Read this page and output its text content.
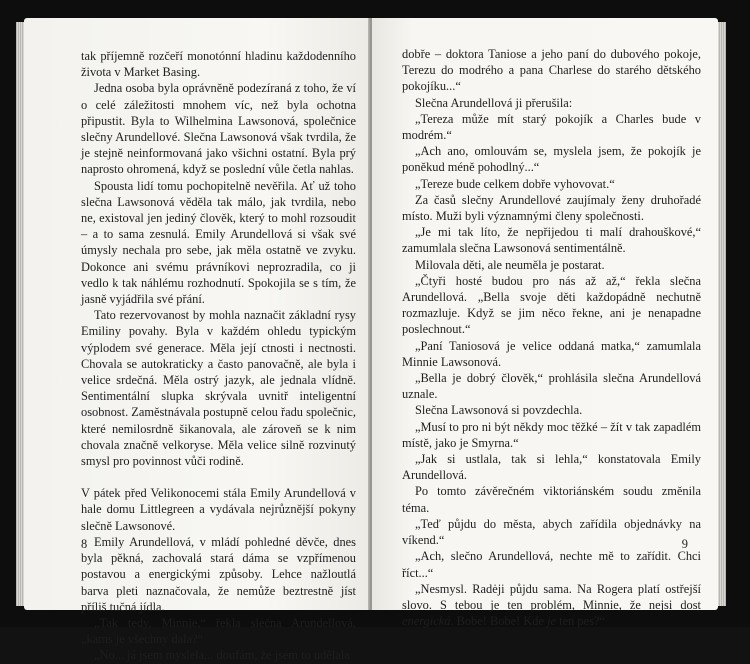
tak příjemně rozčeří monotónní hladinu každodenního života v Market Basing.

Jedna osoba byla oprávněně podezíraná z toho, že ví o celé záležitosti mnohem víc, než byla ochotna připustit. Byla to Wilhelmina Lawsonová, společnice slečny Arundellové. Slečna Lawsonová však tvrdila, že je stejně neinformovaná jako všichni ostatní. Byla prý naprosto ohromená, když se poslední vůle četla nahlas.

Spousta lidí tomu pochopitelně nevěřila. Ať už toho slečna Lawsonová věděla tak málo, jak tvrdila, nebo ne, existoval jen jediný člověk, který to mohl rozsoudit – a to sama zesnulá. Emily Arundellová si však své úmysly nechala pro sebe, jak měla ostatně ve zvyku. Dokonce ani svému právníkovi neprozradila, co ji vedlo k tak náhlému rozhodnutí. Spokojila se s tím, že jasně vyjádřila své přání.

Tato rezervovanost by mohla naznačit základní rysy Emiliny povahy. Byla v každém ohledu typickým výplodem své generace. Měla její ctnosti i nectnosti. Chovala se autokraticky a často panovačně, ale byla i velice srdečná. Měla ostrý jazyk, ale jednala vlídně. Sentimentální slupka skrývala uvnitř inteligentní osobnost. Zaměstnávala postupně celou řadu společnic, které nemilosrdně šikanovala, ale zároveň se k nim chovala značně velkoryse. Měla velice silně rozvinutý smysl pro povinnost vůči rodině.

V pátek před Velikonocemi stála Emily Arundellová v hale domu Littlegreen a vydávala nejrůznější pokyny slečně Lawsonové.

Emily Arundellová, v mládí pohledné děvče, dnes byla pěkná, zachovalá stará dáma se vzpřímenou postavou a energickými způsoby. Lehce nažloutlá barva pleti naznačovala, že nemůže beztrestně jíst příliš tučná jídla.

„Tak tedy, Minnie,“ řekla slečna Arundellová, „kams je všechny dala?“

„No... já jsem myslela... doufám, že jsem to udělala

8

dobře – doktora Taniose a jeho paní do dubového pokoje, Terezu do modrého a pana Charlese do starého dětského pokojíku...“

Slečna Arundellová ji přerušila:

„Tereza může mít starý pokojík a Charles bude v modrém.“

„Ach ano, omlouvám se, myslela jsem, že pokojík je poněkud méně pohodlný...“

„Tereze bude celkem dobře vyhovovat.“

Za časů slečny Arundellové zaujímaly ženy druhořadé místo. Muži byli významnými členy společnosti.

„Je mi tak líto, že nepřijedou ti malí drahouškové,“ zamumlala slečna Lawsonová sentimentálně.

Milovala děti, ale neuměla je postarat.

„Čtyři hosté budou pro nás až až,“ řekla slečna Arundellová. „Bella svoje děti každopádně nechutně rozmazluje. Když se jim něco řekne, ani je nenapadne poslechnout.“

„Paní Taniosová je velice oddaná matka,“ zamumlala Minnie Lawsonová.

„Bella je dobrý člověk,“ prohlásila slečna Arundellová uznale.

Slečna Lawsonová si povzdechla.

„Musí to pro ni být někdy moc těžké – žít v tak zapadlém místě, jako je Smyrna.“

„Jak si ustlala, tak si lehla,“ konstatovala Emily Arundellová.

Po tomto závěrečném viktoriánském soudu změnila téma.

„Teď půjdu do města, abych zařídila objednávky na víkend.“

„Ach, slečno Arundellová, nechte mě to zařídit. Chci říct...“

„Nesmysl. Radėji půjdu sama. Na Rogera platí ostřejší slovo. S tebou je ten problém, Minnie, že nejsi dost energická. Bobe! Bobe! Kde je ten pes?“

9
